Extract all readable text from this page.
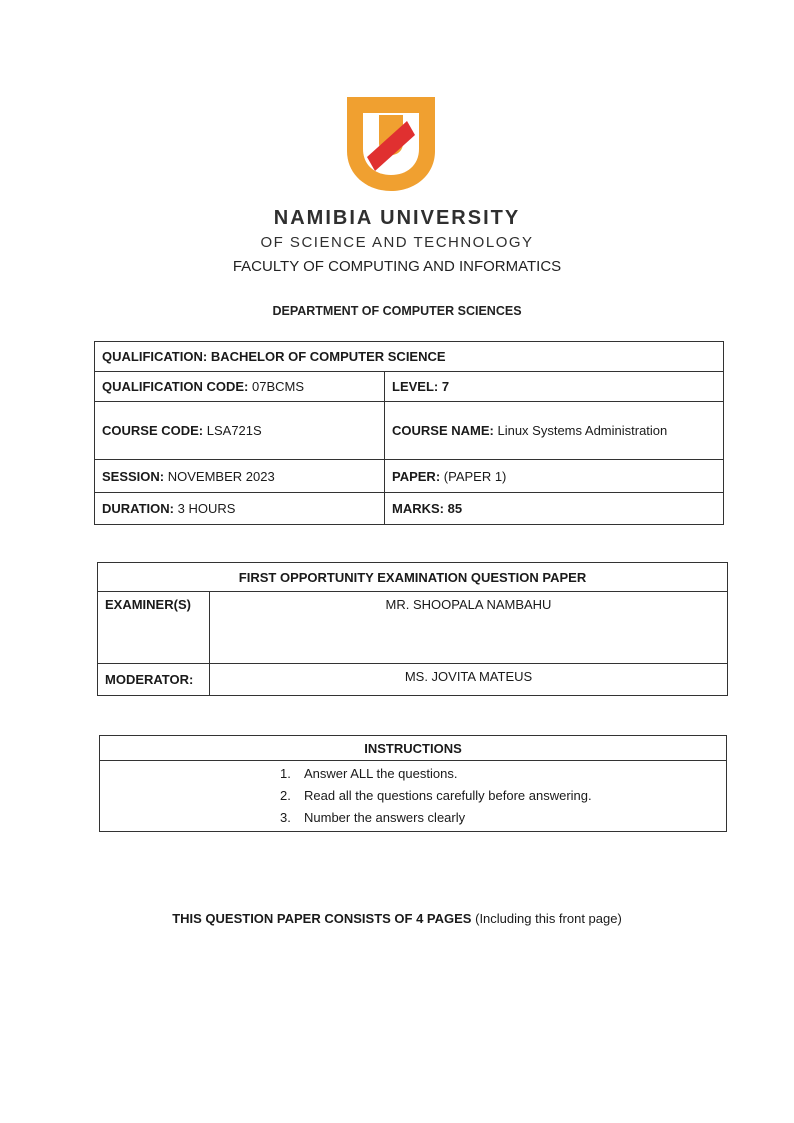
NAMIBIA UNIVERSITY
OF SCIENCE AND TECHNOLOGY
FACULTY OF COMPUTING AND INFORMATICS
DEPARTMENT OF COMPUTER SCIENCES
QUALIFICATION: BACHELOR OF COMPUTER SCIENCE	
QUALIFICATION CODE: 07BCMS	LEVEL: 7
COURSE CODE: LSA721S	COURSE NAME: Linux Systems Administration
SESSION: NOVEMBER 2023	PAPER: (PAPER 1)
DURATION: 3 HOURS	MARKS: 85
FIRST OPPORTUNITY EXAMINATION QUESTION PAPER	
EXAMINER(S)	MR. SHOOPALA NAMBAHU
MODERATOR:	MS. JOVITA MATEUS
INSTRUCTIONS

1. Answer ALL the questions.
2. Read all the questions carefully before answering.
3. Number the answers clearly
THIS QUESTION PAPER CONSISTS OF 4 PAGES (Including this front page)
